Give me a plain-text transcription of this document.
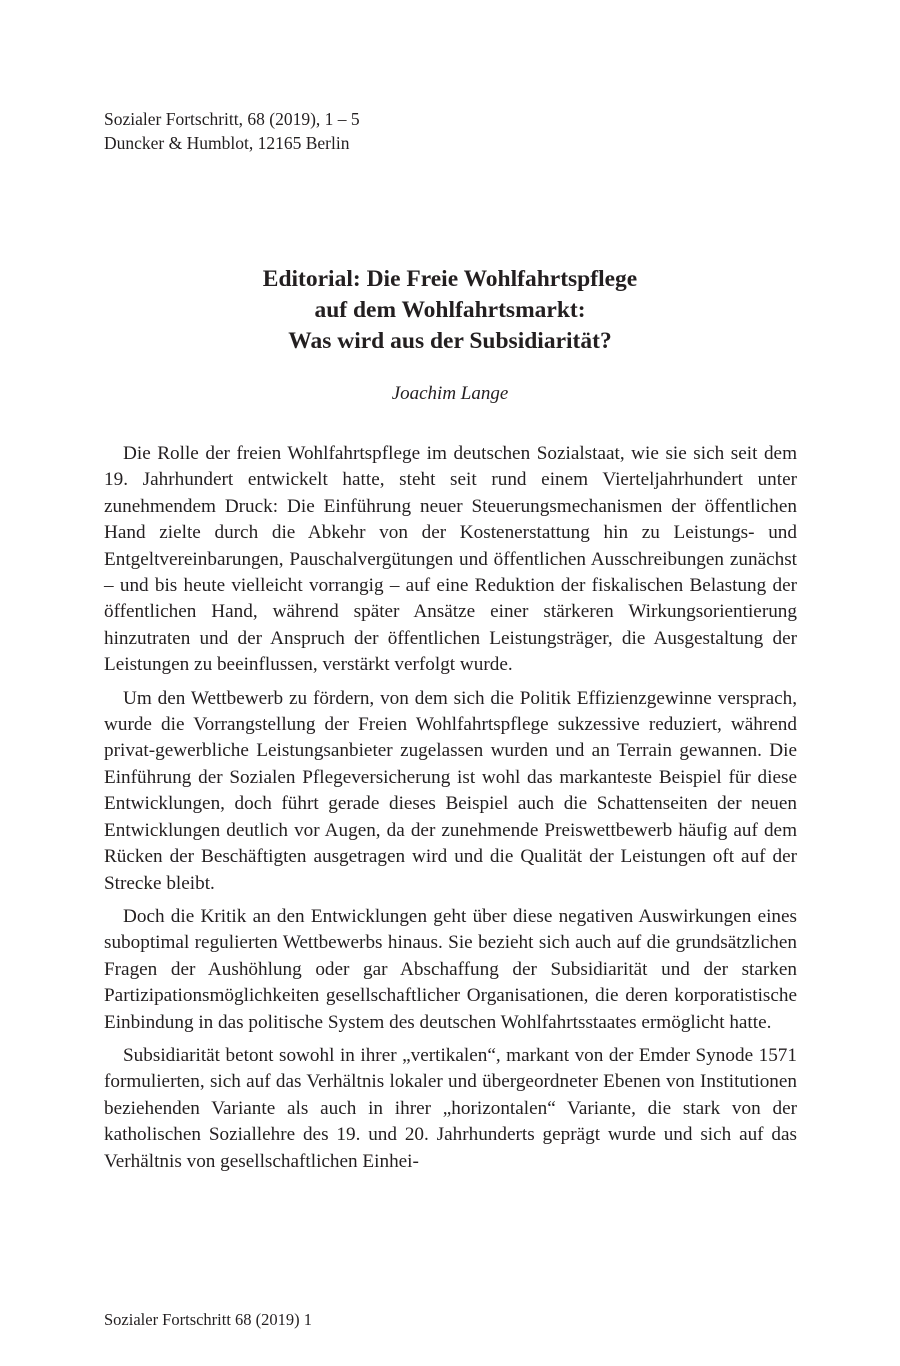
Sozialer Fortschritt, 68 (2019), 1 – 5
Duncker & Humblot, 12165 Berlin
Editorial: Die Freie Wohlfahrtspflege
auf dem Wohlfahrtsmarkt:
Was wird aus der Subsidiarität?
Joachim Lange

Die Rolle der freien Wohlfahrtspflege im deutschen Sozialstaat, wie sie sich seit dem 19. Jahrhundert entwickelt hatte, steht seit rund einem Vierteljahrhundert unter zunehmendem Druck: Die Einführung neuer Steuerungsmechanismen der öffentlichen Hand zielte durch die Abkehr von der Kostenerstattung hin zu Leistungs- und Entgeltvereinbarungen, Pauschalvergütungen und öffentlichen Ausschreibungen zunächst – und bis heute vielleicht vorrangig – auf eine Reduktion der fiskalischen Belastung der öffentlichen Hand, während später Ansätze einer stärkeren Wirkungsorientierung hinzutraten und der Anspruch der öffentlichen Leistungsträger, die Ausgestaltung der Leistungen zu beeinflussen, verstärkt verfolgt wurde.

Um den Wettbewerb zu fördern, von dem sich die Politik Effizienzgewinne versprach, wurde die Vorrangstellung der Freien Wohlfahrtspflege sukzessive reduziert, während privat-gewerbliche Leistungsanbieter zugelassen wurden und an Terrain gewannen. Die Einführung der Sozialen Pflegeversicherung ist wohl das markanteste Beispiel für diese Entwicklungen, doch führt gerade dieses Beispiel auch die Schattenseiten der neuen Entwicklungen deutlich vor Augen, da der zunehmende Preiswettbewerb häufig auf dem Rücken der Beschäftigten ausgetragen wird und die Qualität der Leistungen oft auf der Strecke bleibt.

Doch die Kritik an den Entwicklungen geht über diese negativen Auswirkungen eines suboptimal regulierten Wettbewerbs hinaus. Sie bezieht sich auch auf die grundsätzlichen Fragen der Aushöhlung oder gar Abschaffung der Subsidiarität und der starken Partizipationsmöglichkeiten gesellschaftlicher Organisationen, die deren korporatistische Einbindung in das politische System des deutschen Wohlfahrtsstaates ermöglicht hatte.

Subsidiarität betont sowohl in ihrer „vertikalen“, markant von der Emder Synode 1571 formulierten, sich auf das Verhältnis lokaler und übergeordneter Ebenen von Institutionen beziehenden Variante als auch in ihrer „horizontalen“ Variante, die stark von der katholischen Soziallehre des 19. und 20. Jahrhunderts geprägt wurde und sich auf das Verhältnis von gesellschaftlichen Einhei-

Sozialer Fortschritt 68 (2019) 1
